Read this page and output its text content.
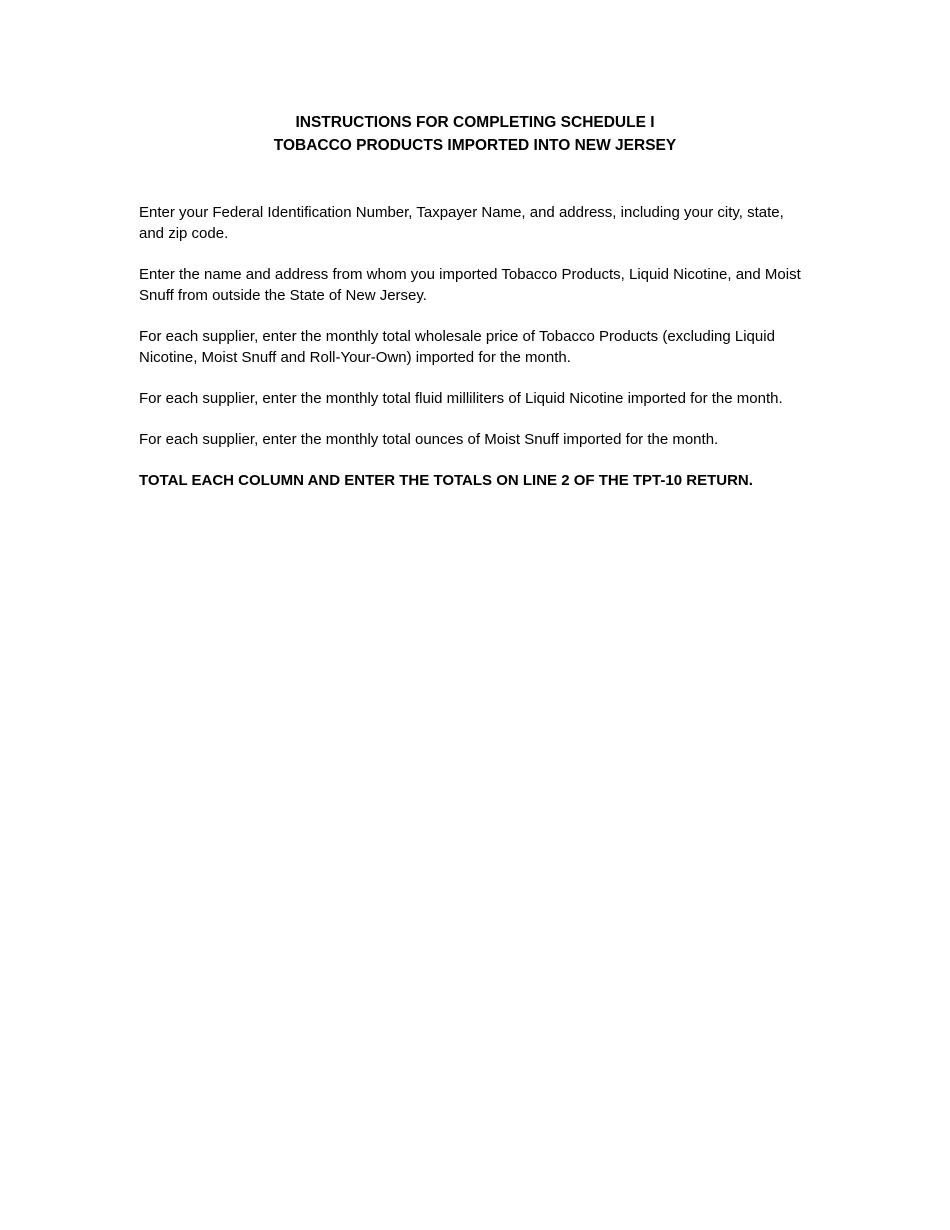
INSTRUCTIONS FOR COMPLETING SCHEDULE I
TOBACCO PRODUCTS IMPORTED INTO NEW JERSEY

Enter your Federal Identification Number, Taxpayer Name, and address, including your city, state, and zip code.

Enter the name and address from whom you imported Tobacco Products, Liquid Nicotine, and Moist Snuff from outside the State of New Jersey.

For each supplier, enter the monthly total wholesale price of Tobacco Products (excluding Liquid Nicotine, Moist Snuff and Roll-Your-Own) imported for the month.

For each supplier, enter the monthly total fluid milliliters of Liquid Nicotine imported for the month.

For each supplier, enter the monthly total ounces of Moist Snuff imported for the month.

TOTAL EACH COLUMN AND ENTER THE TOTALS ON LINE 2 OF THE TPT-10 RETURN.
